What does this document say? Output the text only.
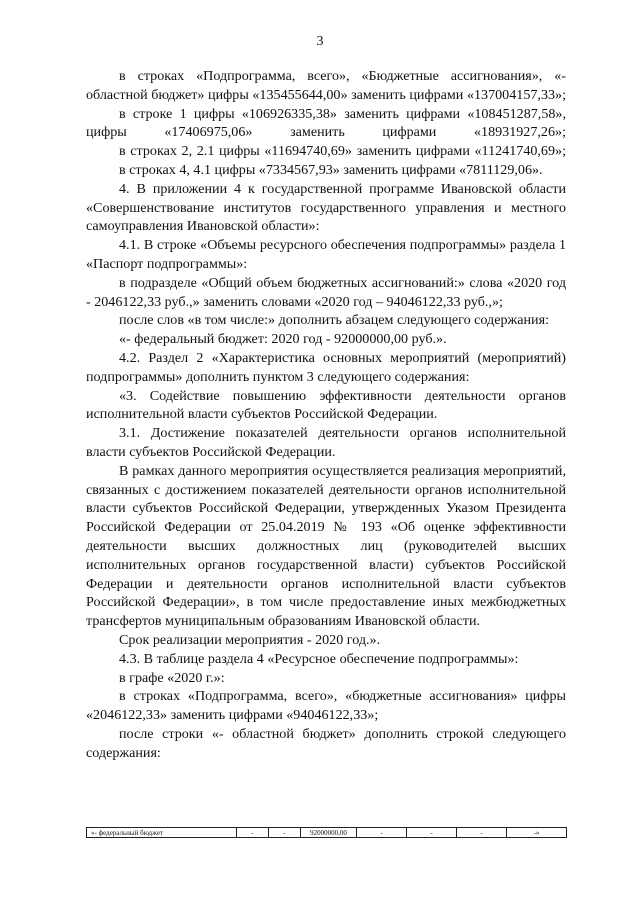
3

в строках «Подпрограмма, всего», «Бюджетные ассигнования», «- областной бюджет» цифры «135455644,00» заменить цифрами «137004157,33»;

в строке 1 цифры «106926335,38» заменить цифрами «108451287,58», цифры «17406975,06» заменить цифрами «18931927,26»;

в строках 2, 2.1 цифры «11694740,69» заменить цифрами «11241740,69»;

в строках 4, 4.1 цифры «7334567,93» заменить цифрами «7811129,06».

4. В приложении 4 к государственной программе Ивановской области «Совершенствование институтов государственного управления и местного самоуправления Ивановской области»:

4.1. В строке «Объемы ресурсного обеспечения подпрограммы» раздела 1 «Паспорт подпрограммы»:

в подразделе «Общий объем бюджетных ассигнований:» слова «2020 год - 2046122,33 руб.,» заменить словами «2020 год – 94046122,33 руб.,»;

после слов «в том числе:» дополнить абзацем следующего содержания:

«- федеральный бюджет: 2020 год - 92000000,00 руб.».

4.2. Раздел 2 «Характеристика основных мероприятий (мероприятий) подпрограммы» дополнить пунктом 3 следующего содержания:

«3. Содействие повышению эффективности деятельности органов исполнительной власти субъектов Российской Федерации.

3.1. Достижение показателей деятельности органов исполнительной власти субъектов Российской Федерации.

В рамках данного мероприятия осуществляется реализация мероприятий, связанных с достижением показателей деятельности органов исполнительной власти субъектов Российской Федерации, утвержденных Указом Президента Российской Федерации от 25.04.2019 № 193 «Об оценке эффективности деятельности высших должностных лиц (руководителей высших исполнительных органов государственной власти) субъектов Российской Федерации и деятельности органов исполнительной власти субъектов Российской Федерации», в том числе предоставление иных межбюджетных трансфертов муниципальным образованиям Ивановской области.

Срок реализации мероприятия - 2020 год.».

4.3. В таблице раздела 4 «Ресурсное обеспечение подпрограммы»:

в графе «2020 г.»:

в строках «Подпрограмма, всего», «бюджетные ассигнования» цифры «2046122,33» заменить цифрами «94046122,33»;

после строки «- областной бюджет» дополнить строкой следующего содержания:

«- федеральный бюджет	-	-	92000000,00	-	-	-	-»
